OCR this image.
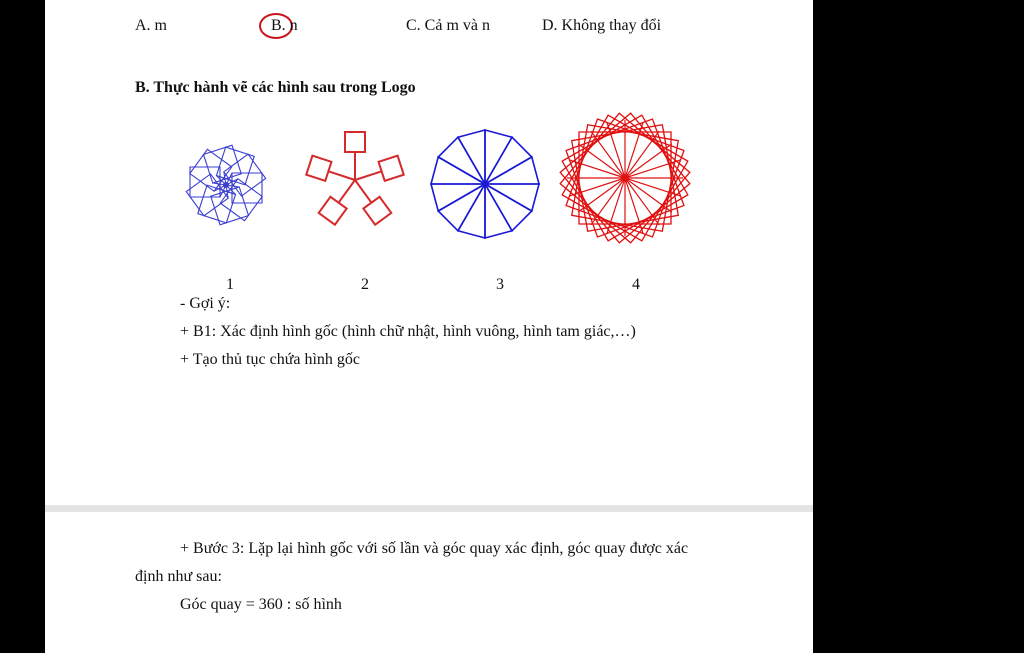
A. m	B. n	C. Cả m và n	D. Không thay đổi
B. Thực hành vẽ các hình sau trong Logo
1	2	3	4
- Gợi ý:
+ B1: Xác định hình gốc (hình chữ nhật, hình vuông, hình tam giác,…)
+ Tạo thủ tục chứa hình gốc
+ Bước 3: Lặp lại hình gốc với số lần và góc quay xác định, góc quay được xác
định như sau:
Góc quay = 360 : số hình
